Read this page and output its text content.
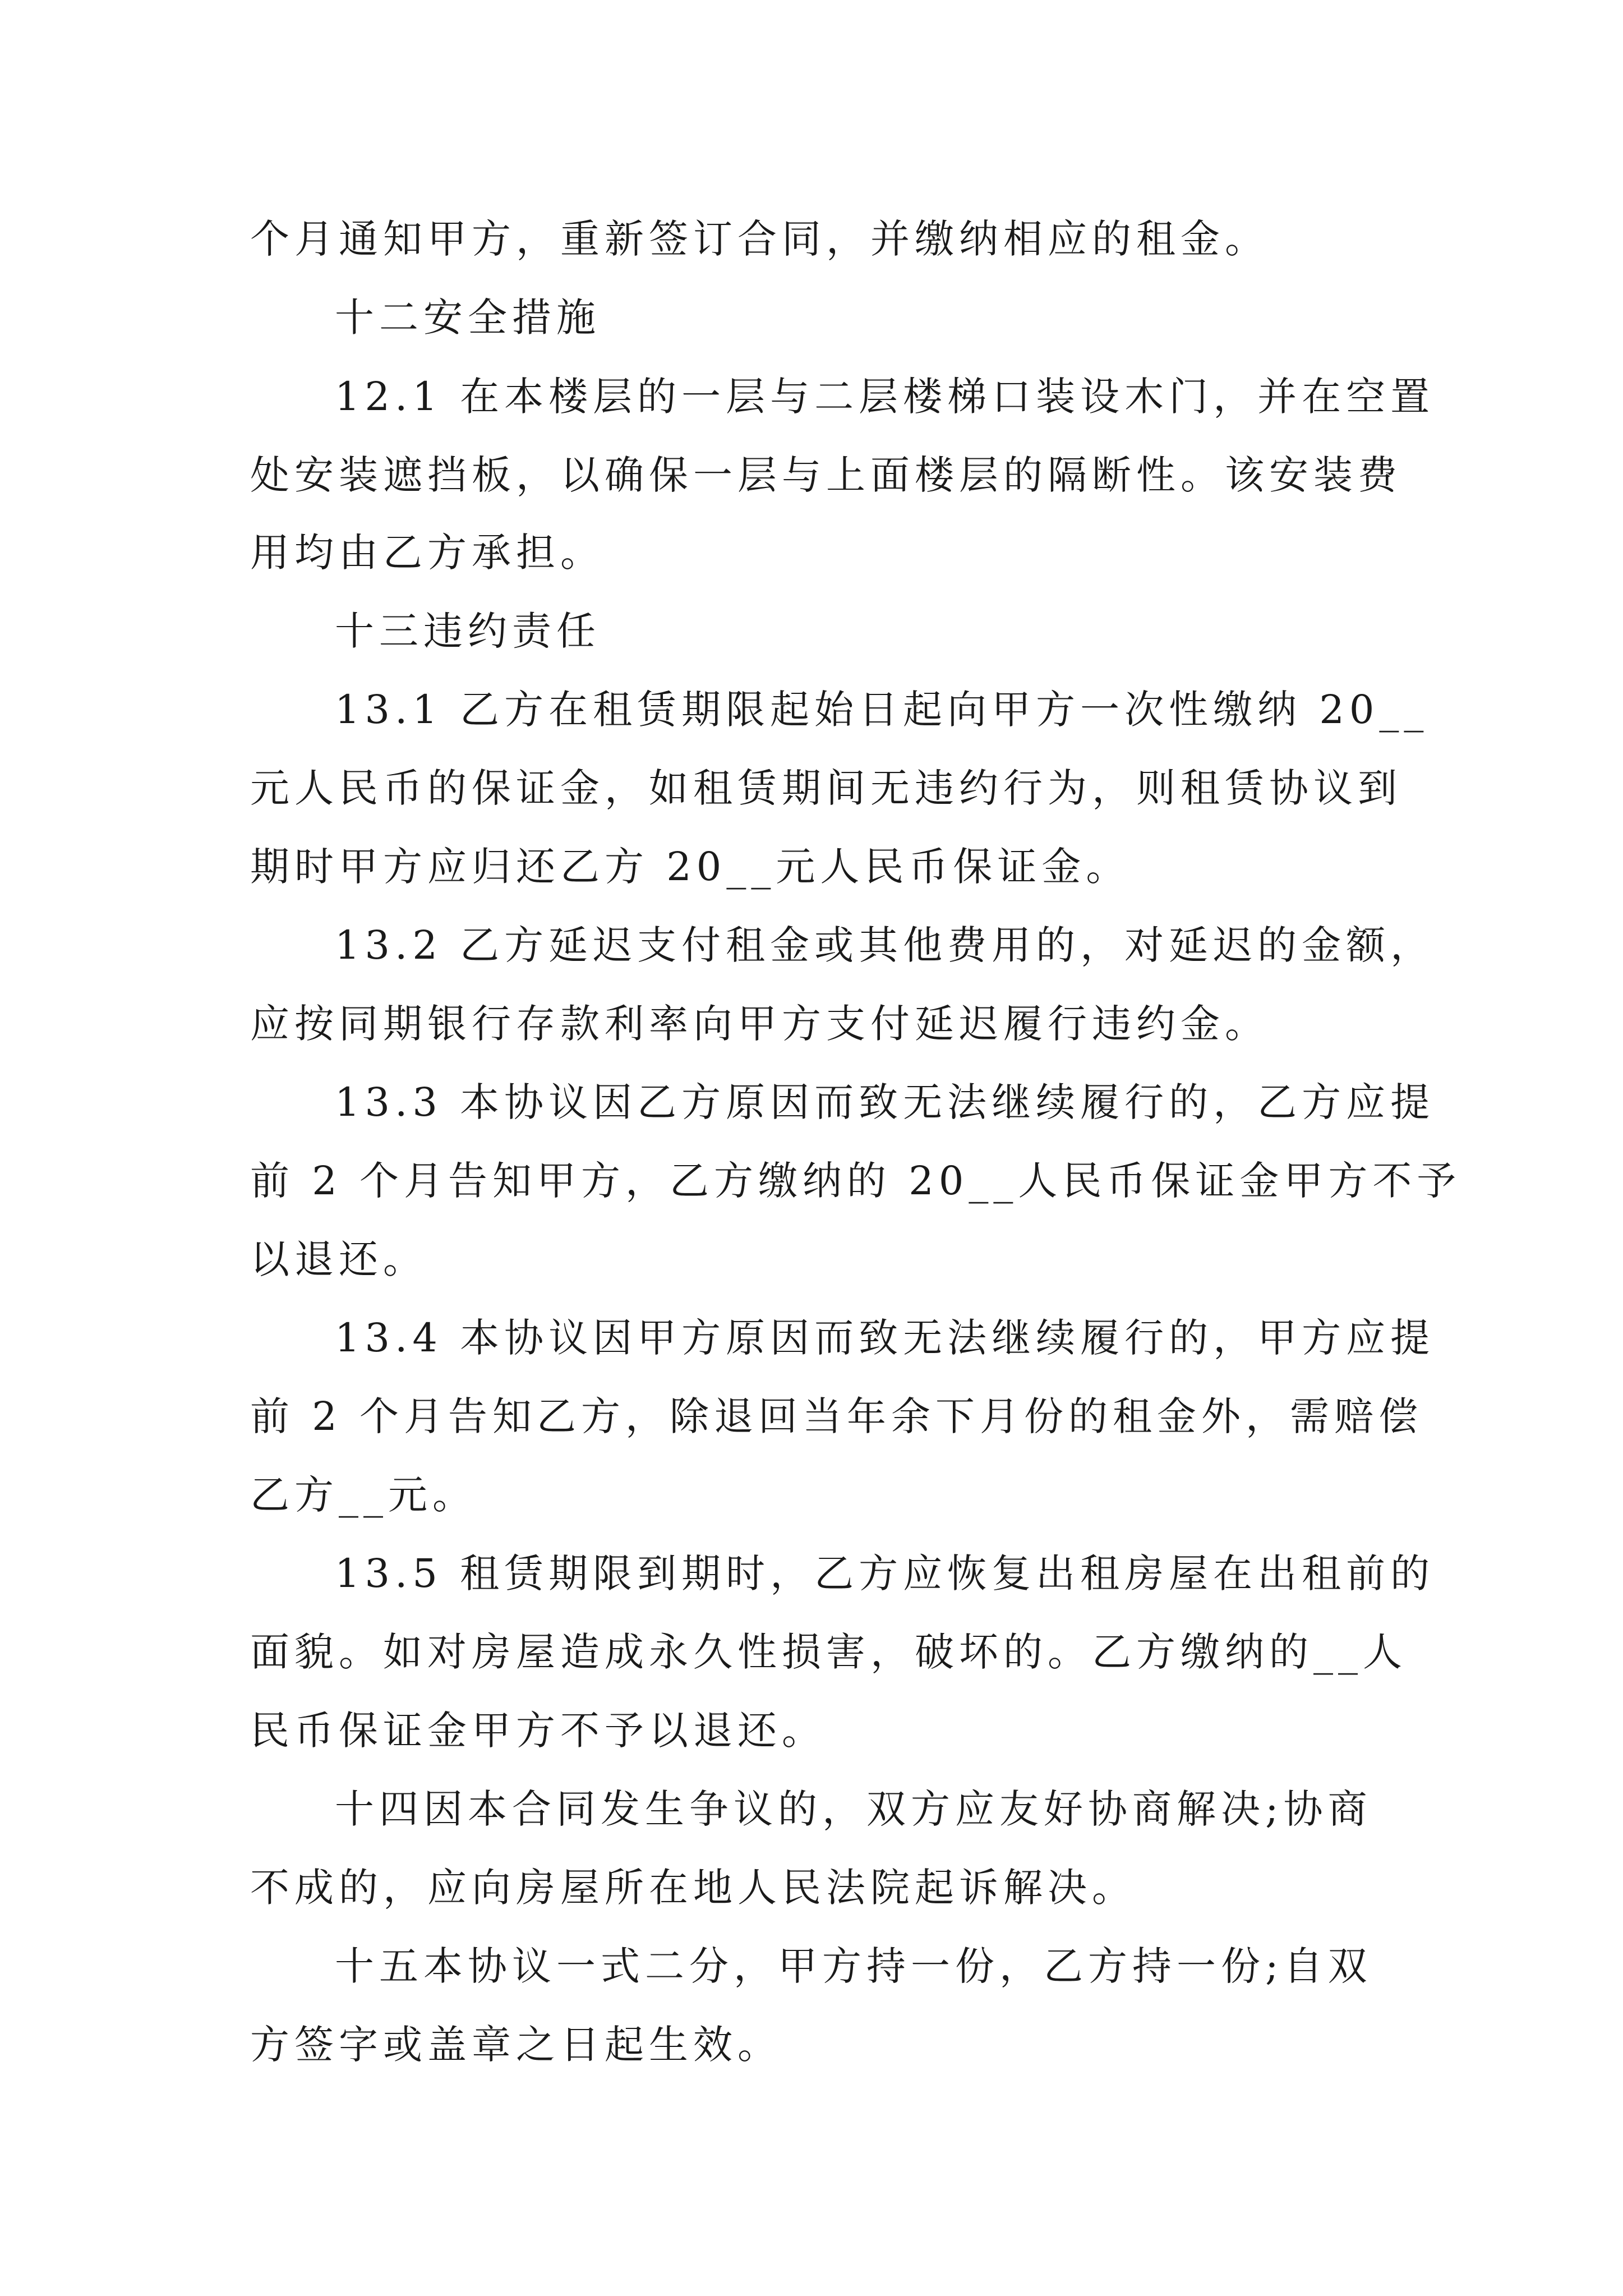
个月通知甲方，重新签订合同，并缴纳相应的租金。
十二安全措施
12.1 在本楼层的一层与二层楼梯口装设木门，并在空置
处安装遮挡板，以确保一层与上面楼层的隔断性。该安装费
用均由乙方承担。
十三违约责任
13.1 乙方在租赁期限起始日起向甲方一次性缴纳 20__
元人民币的保证金，如租赁期间无违约行为，则租赁协议到
期时甲方应归还乙方 20__元人民币保证金。
13.2 乙方延迟支付租金或其他费用的，对延迟的金额，
应按同期银行存款利率向甲方支付延迟履行违约金。
13.3 本协议因乙方原因而致无法继续履行的，乙方应提
前 2 个月告知甲方，乙方缴纳的 20__人民币保证金甲方不予
以退还。
13.4 本协议因甲方原因而致无法继续履行的，甲方应提
前 2 个月告知乙方，除退回当年余下月份的租金外，需赔偿
乙方__元。
13.5 租赁期限到期时，乙方应恢复出租房屋在出租前的
面貌。如对房屋造成永久性损害，破坏的。乙方缴纳的__人
民币保证金甲方不予以退还。
十四因本合同发生争议的，双方应友好协商解决;协商
不成的，应向房屋所在地人民法院起诉解决。
十五本协议一式二分，甲方持一份，乙方持一份;自双
方签字或盖章之日起生效。
